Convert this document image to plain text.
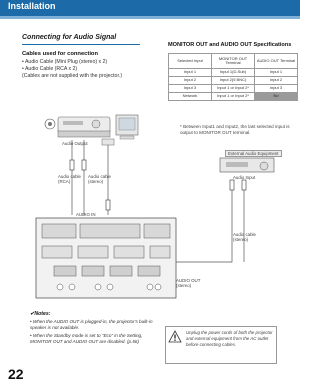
Installation
Connecting for Audio Signal
Cables used for connection
• Audio Cable (Mini Plug (stereo) x 2)
• Audio Cable (RCA x 2)
(Cables are not supplied with the projector.)
MONITOR OUT and AUDIO OUT Specifications
Selected Input	MONITOR OUT Terminal	AUDIO OUT Terminal
Input 1	Input 1(D-Sub)	Input 1
Input 2	Input 2(5 BNC)	Input 2
Input 3	Input 1 or Input 2*	Input 3
Network	Input 1 or Input 2*	No
* Between Input1 and Input2, the last selected input is output to MONITOR OUT terminal.
Audio Output
External Audio Equipment
Audio Input
Audio cable
(RCA)
Audio cable
(stereo)
Audio cable
(stereo)
AUDIO IN
AUDIO OUT
(stereo)
✔Notes:
• When the AUDIO OUT is plugged-in, the projector's built-in speaker is not available.
• When the Standby mode is set to "Eco" in the Setting, MONITOR OUT and AUDIO OUT are disabled. (p.56)
Unplug the power cords of both the projector and external equipment from the AC outlet before connecting cables.
22
